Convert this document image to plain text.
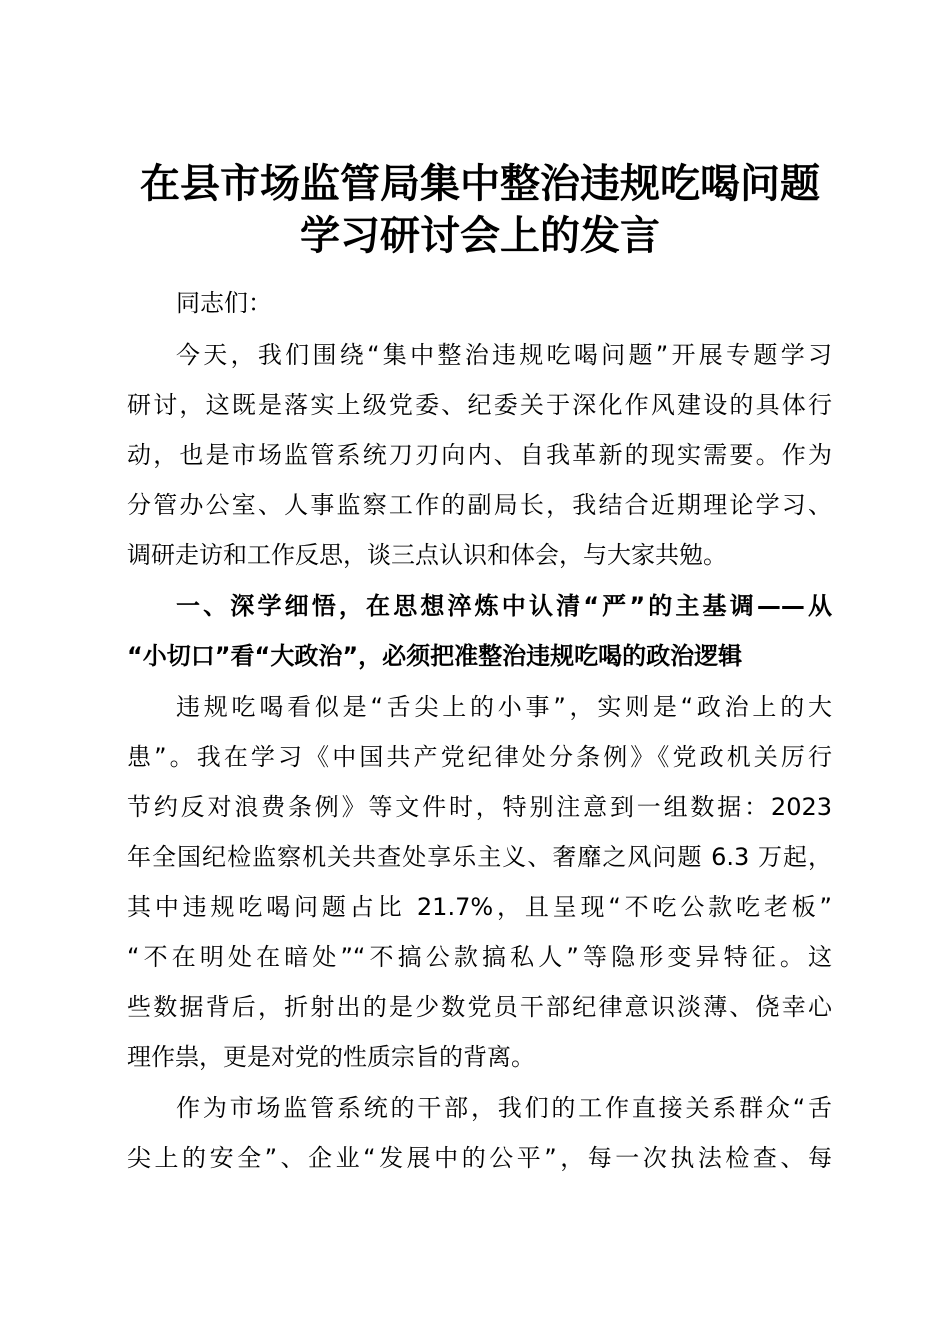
在县市场监管局集中整治违规吃喝问题
学习研讨会上的发言
同志们：
今天，我们围绕“集中整治违规吃喝问题”开展专题学习
研讨，这既是落实上级党委、纪委关于深化作风建设的具体行
动，也是市场监管系统刀刃向内、自我革新的现实需要。作为
分管办公室、人事监察工作的副局长，我结合近期理论学习、
调研走访和工作反思，谈三点认识和体会，与大家共勉。
一、深学细悟，在思想淬炼中认清“严”的主基调——从
“小切口”看“大政治”，必须把准整治违规吃喝的政治逻辑
违规吃喝看似是“舌尖上的小事”，实则是“政治上的大
患”。我在学习《中国共产党纪律处分条例》《党政机关厉行
节约反对浪费条例》等文件时，特别注意到一组数据：2023
年全国纪检监察机关共查处享乐主义、奢靡之风问题 6.3 万起，
其中违规吃喝问题占比 21.7%，且呈现“不吃公款吃老板”
“不在明处在暗处”“不搞公款搞私人”等隐形变异特征。这
些数据背后，折射出的是少数党员干部纪律意识淡薄、侥幸心
理作祟，更是对党的性质宗旨的背离。
作为市场监管系统的干部，我们的工作直接关系群众“舌
尖上的安全”、企业“发展中的公平”，每一次执法检查、每
